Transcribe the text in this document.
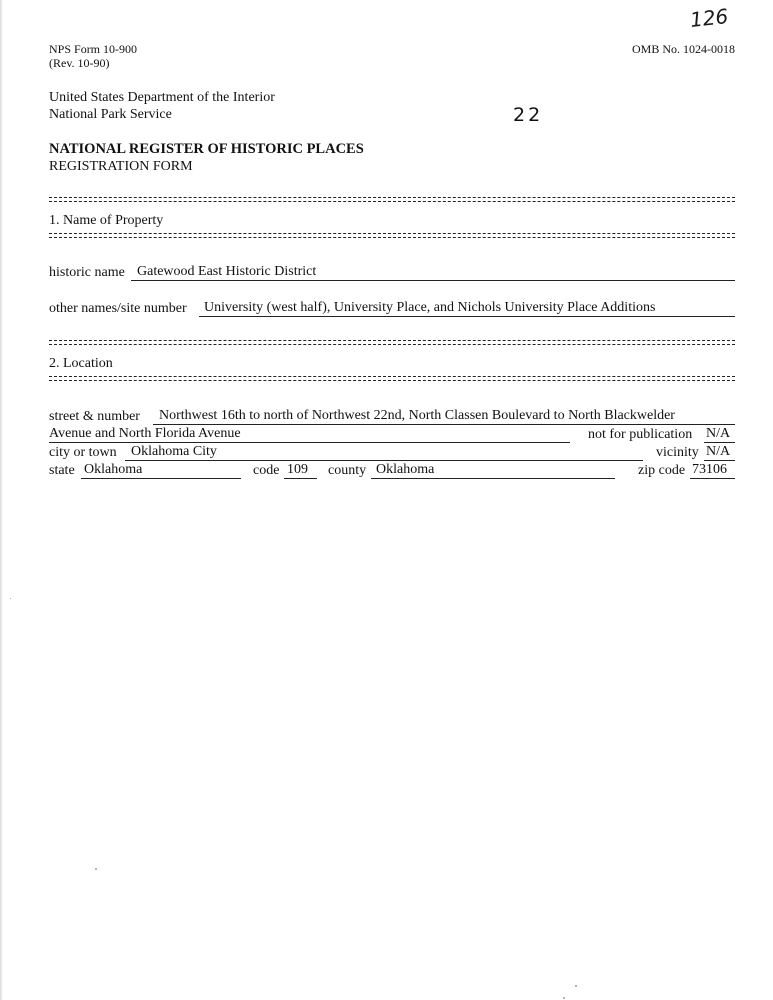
126
NPS Form 10-900
(Rev. 10-90)
OMB No. 1024-0018
United States Department of the Interior
National Park Service	22
NATIONAL REGISTER OF HISTORIC PLACES
REGISTRATION FORM
1. Name of Property
historic name Gatewood East Historic District
other names/site number University (west half), University Place, and Nichols University Place Additions
2. Location
street & number Northwest 16th to north of Northwest 22nd, North Classen Boulevard to North Blackwelder
Avenue and North Florida Avenue	not for publication N/A
city or town Oklahoma City	vicinity N/A
state Oklahoma	code 109 county Oklahoma	zip code 73106
